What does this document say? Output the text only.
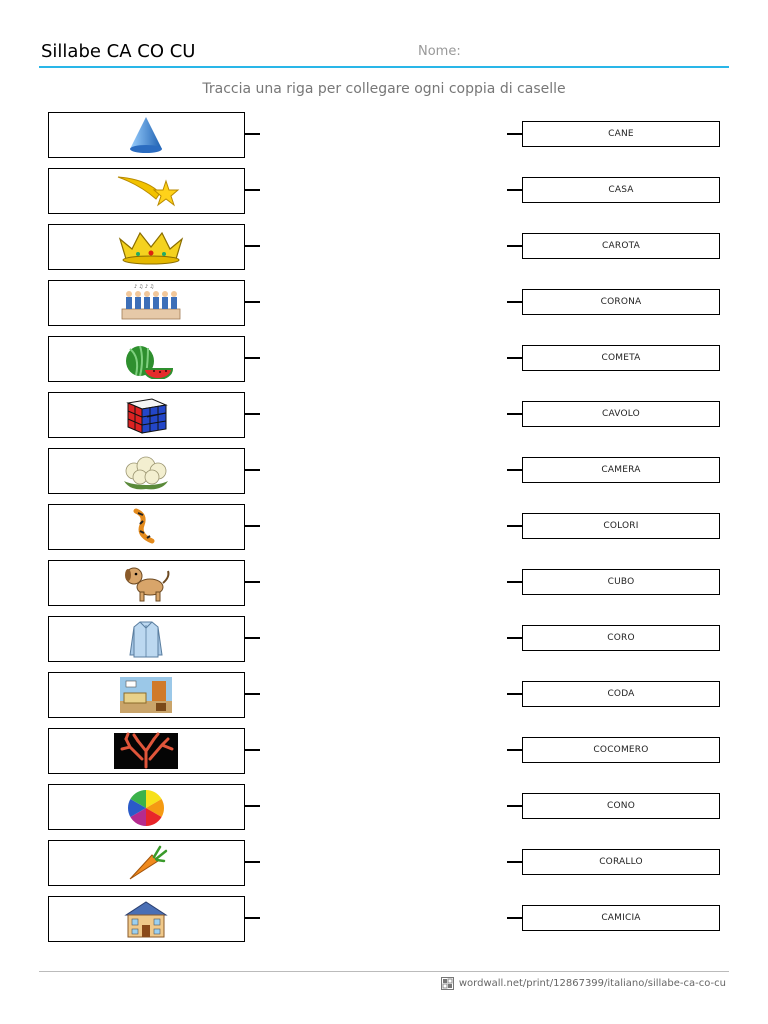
Sillabe CA CO CU	Nome:
Traccia una riga per collegare ogni coppia di caselle
CANE
CASA
CAROTA
♪ ♫ ♪ ♫
CORONA
COMETA
CAVOLO
CAMERA
COLORI
CUBO
CORO
CODA
COCOMERO
CONO
CORALLO
CAMICIA
wordwall.net/print/12867399/italiano/sillabe-ca-co-cu
